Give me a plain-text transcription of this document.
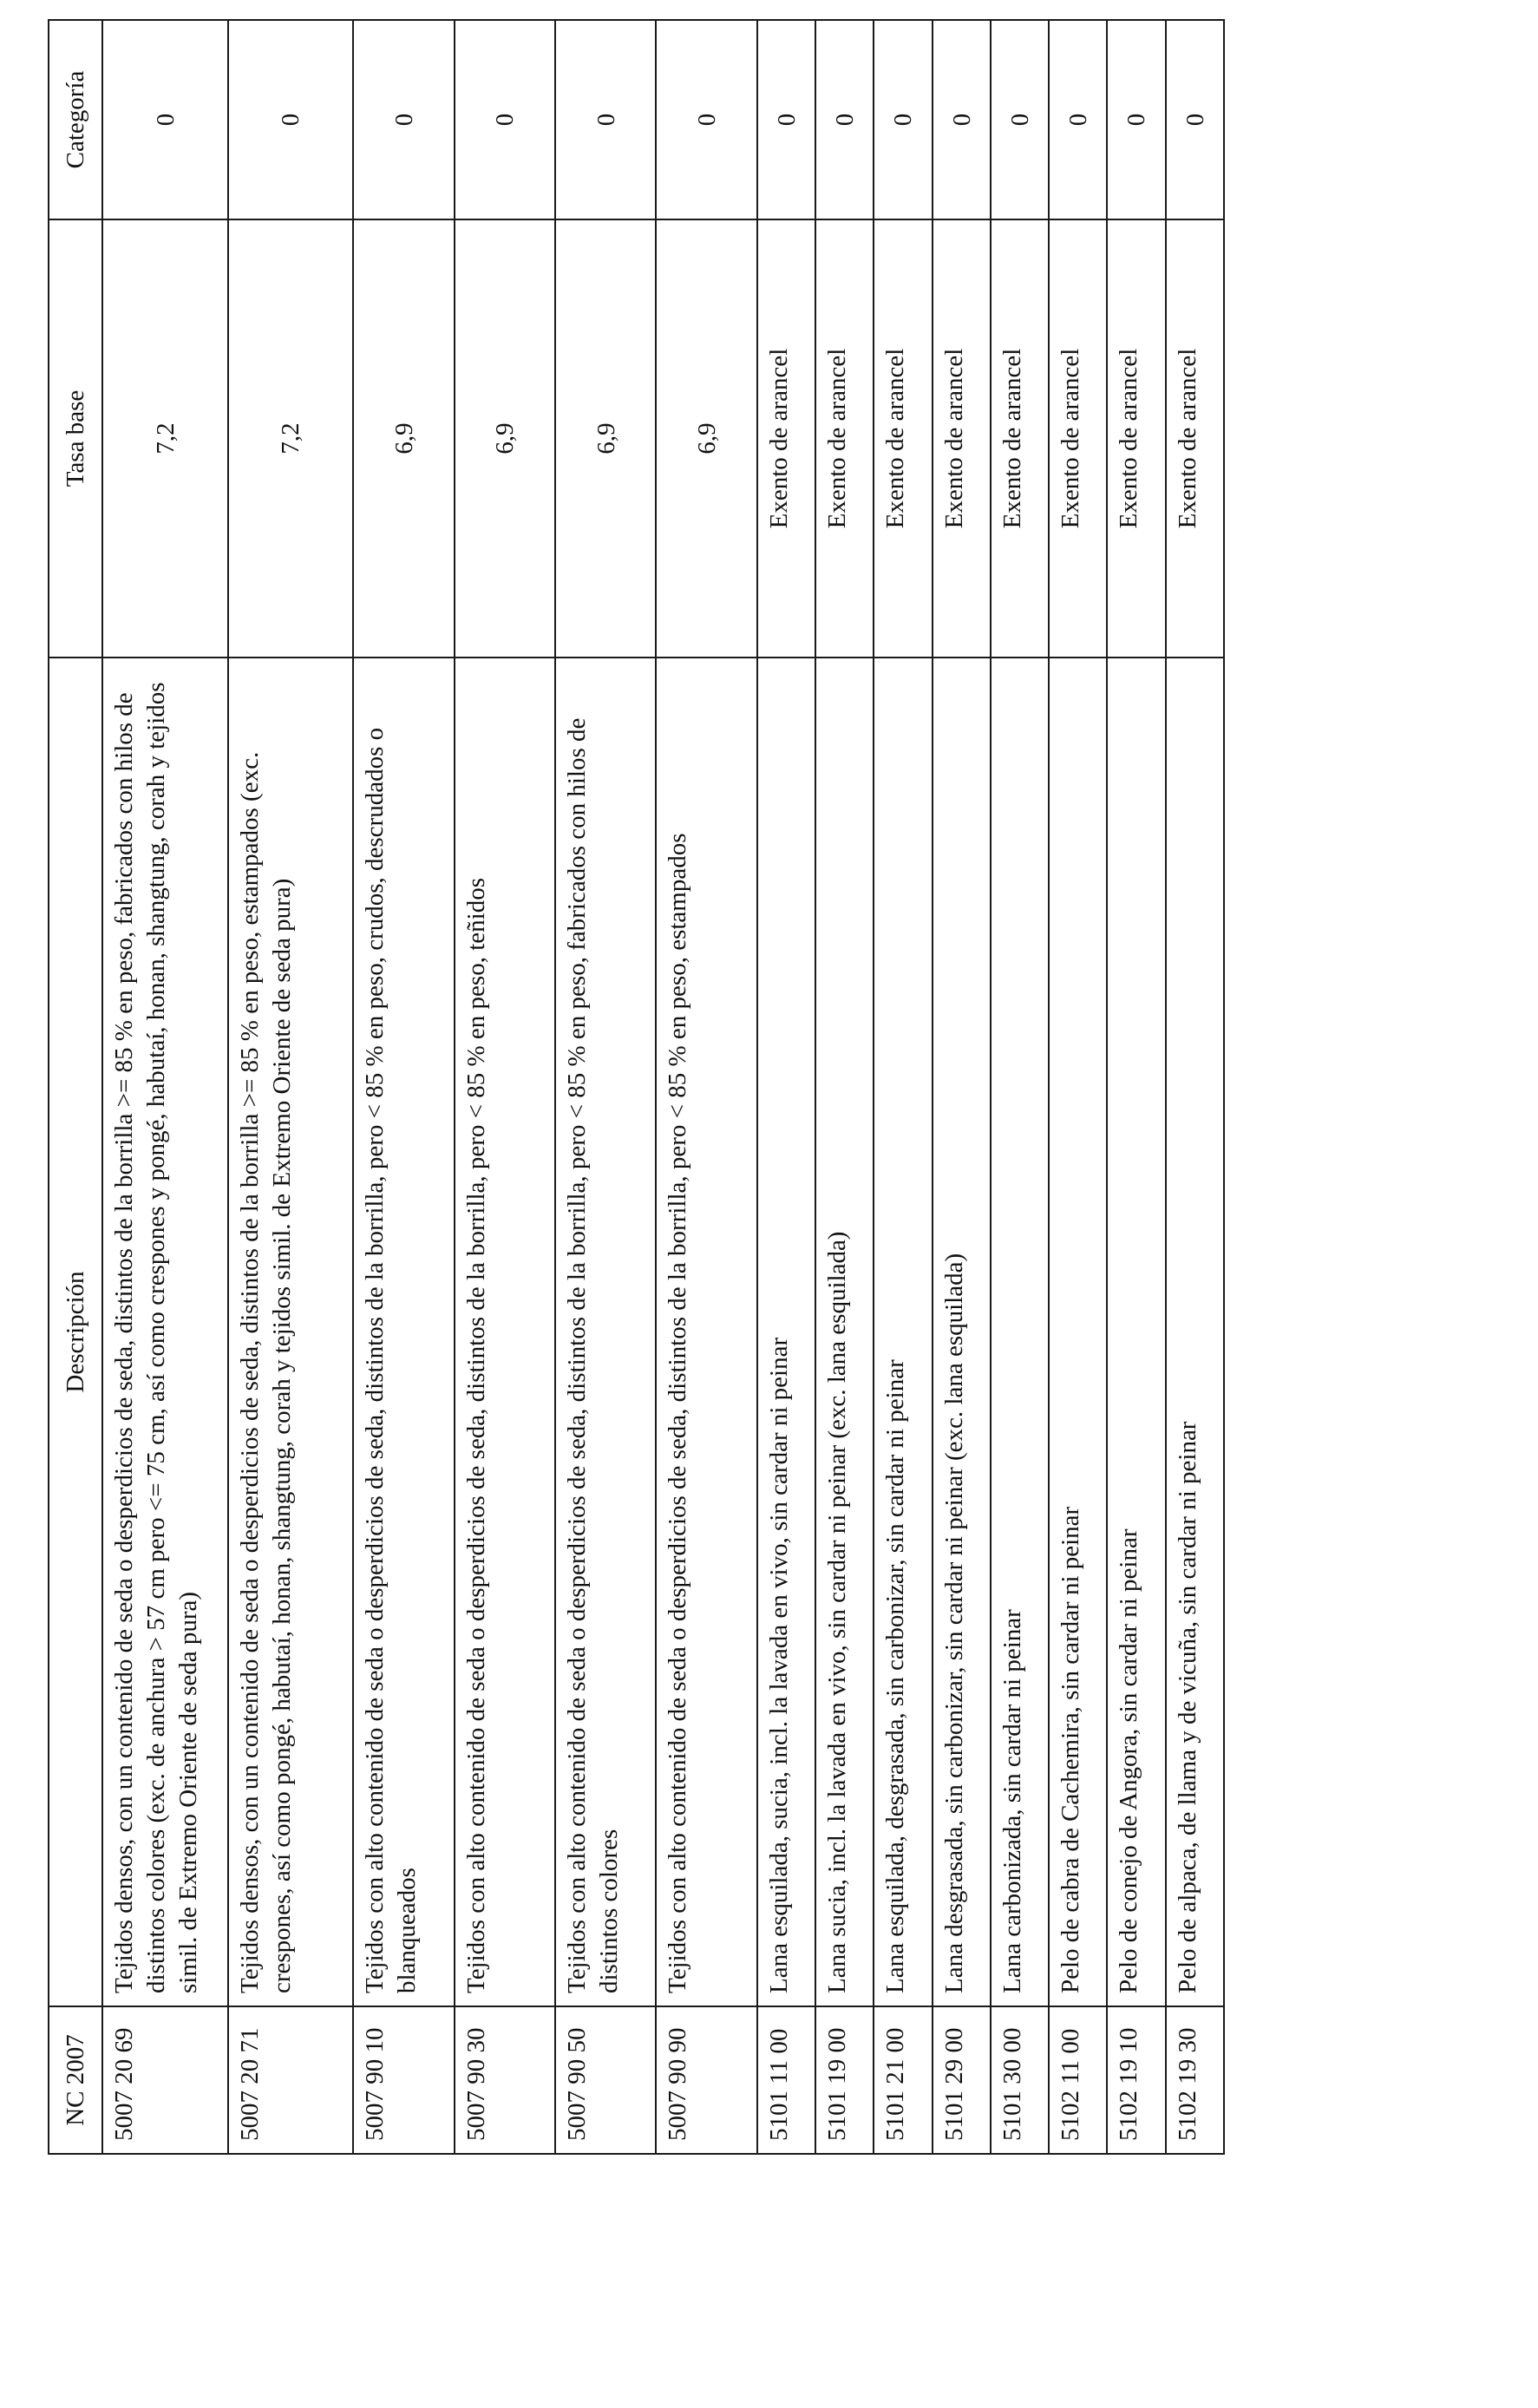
NC 2007	Descripción	Tasa base	Categoría
5007 20 69	Tejidos densos, con un contenido de seda o desperdicios de seda, distintos de la borrilla >= 85 % en peso, fabricados con hilos de distintos colores (exc. de anchura > 57 cm pero <= 75 cm, así como crespones y pongé, habutaí, honan, shangtung, corah y tejidos simil. de Extremo Oriente de seda pura)	7,2	0
5007 20 71	Tejidos densos, con un contenido de seda o desperdicios de seda, distintos de la borrilla >= 85 % en peso, estampados (exc. crespones, así como pongé, habutaí, honan, shangtung, corah y tejidos simil. de Extremo Oriente de seda pura)	7,2	0
5007 90 10	Tejidos con alto contenido de seda o desperdicios de seda, distintos de la borrilla, pero < 85 % en peso, crudos, descrudados o blanqueados	6,9	0
5007 90 30	Tejidos con alto contenido de seda o desperdicios de seda, distintos de la borrilla, pero < 85 % en peso, teñidos	6,9	0
5007 90 50	Tejidos con alto contenido de seda o desperdicios de seda, distintos de la borrilla, pero < 85 % en peso, fabricados con hilos de distintos colores	6,9	0
5007 90 90	Tejidos con alto contenido de seda o desperdicios de seda, distintos de la borrilla, pero < 85 % en peso, estampados	6,9	0
5101 11 00	Lana esquilada, sucia, incl. la lavada en vivo, sin cardar ni peinar	Exento de arancel	0
5101 19 00	Lana sucia, incl. la lavada en vivo, sin cardar ni peinar (exc. lana esquilada)	Exento de arancel	0
5101 21 00	Lana esquilada, desgrasada, sin carbonizar, sin cardar ni peinar	Exento de arancel	0
5101 29 00	Lana desgrasada, sin carbonizar, sin cardar ni peinar (exc. lana esquilada)	Exento de arancel	0
5101 30 00	Lana carbonizada, sin cardar ni peinar	Exento de arancel	0
5102 11 00	Pelo de cabra de Cachemira, sin cardar ni peinar	Exento de arancel	0
5102 19 10	Pelo de conejo de Angora, sin cardar ni peinar	Exento de arancel	0
5102 19 30	Pelo de alpaca, de llama y de vicuña, sin cardar ni peinar	Exento de arancel	0
